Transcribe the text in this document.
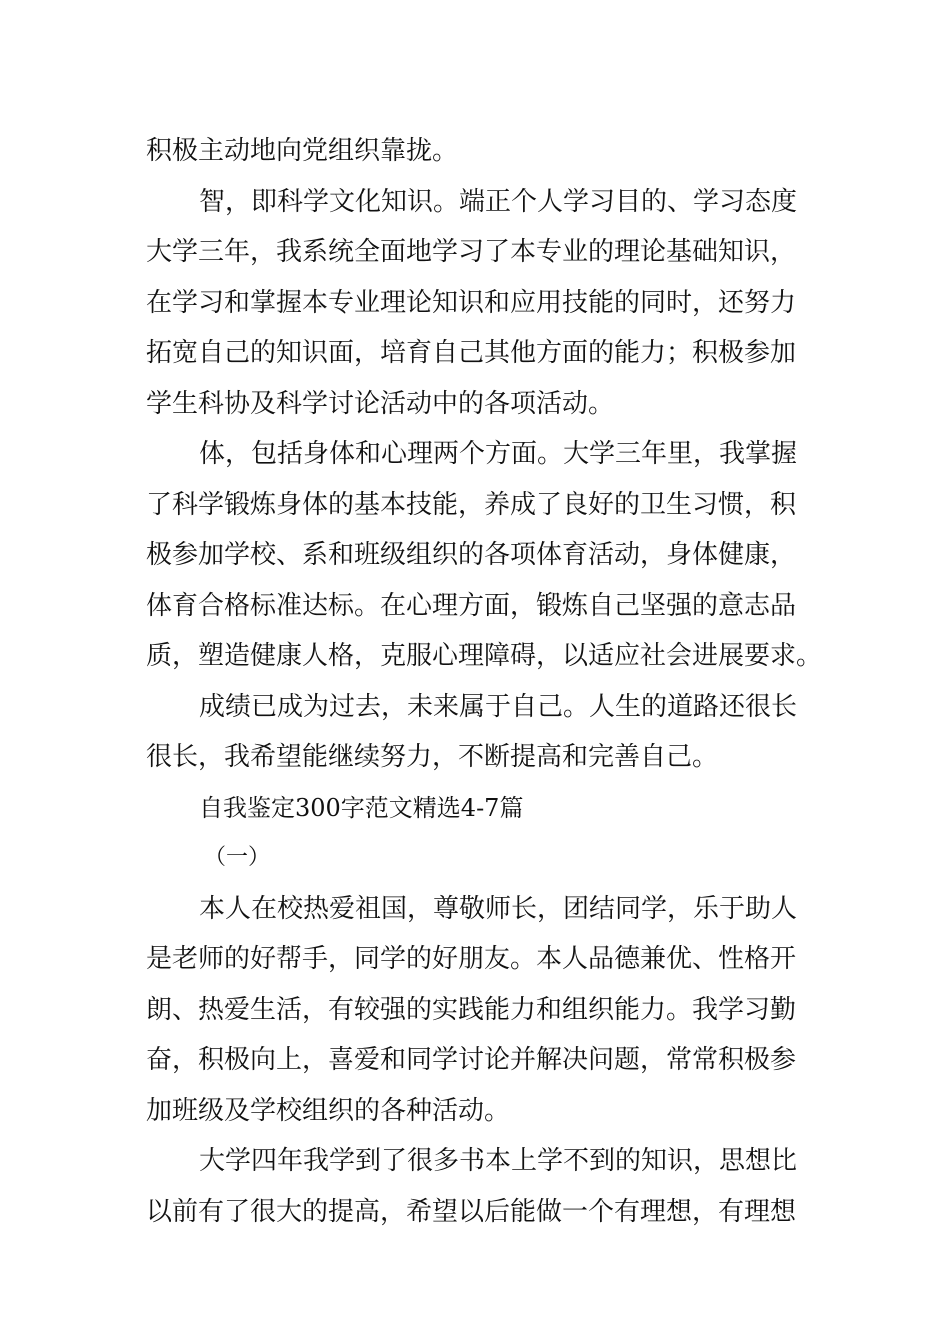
积极主动地向党组织靠拢。
智，即科学文化知识。端正个人学习目的、学习态度
大学三年，我系统全面地学习了本专业的理论基础知识，
在学习和掌握本专业理论知识和应用技能的同时，还努力
拓宽自己的知识面，培育自己其他方面的能力；积极参加
学生科协及科学讨论活动中的各项活动。
体，包括身体和心理两个方面。大学三年里，我掌握
了科学锻炼身体的基本技能，养成了良好的卫生习惯，积
极参加学校、系和班级组织的各项体育活动，身体健康，
体育合格标准达标。在心理方面，锻炼自己坚强的意志品
质，塑造健康人格，克服心理障碍，以适应社会进展要求。
成绩已成为过去，未来属于自己。人生的道路还很长
很长，我希望能继续努力，不断提高和完善自己。
自我鉴定300字范文精选4-7篇
（一）
本人在校热爱祖国，尊敬师长，团结同学，乐于助人
是老师的好帮手，同学的好朋友。本人品德兼优、性格开
朗、热爱生活，有较强的实践能力和组织能力。我学习勤
奋，积极向上，喜爱和同学讨论并解决问题，常常积极参
加班级及学校组织的各种活动。
大学四年我学到了很多书本上学不到的知识，思想比
以前有了很大的提高，希望以后能做一个有理想，有理想
